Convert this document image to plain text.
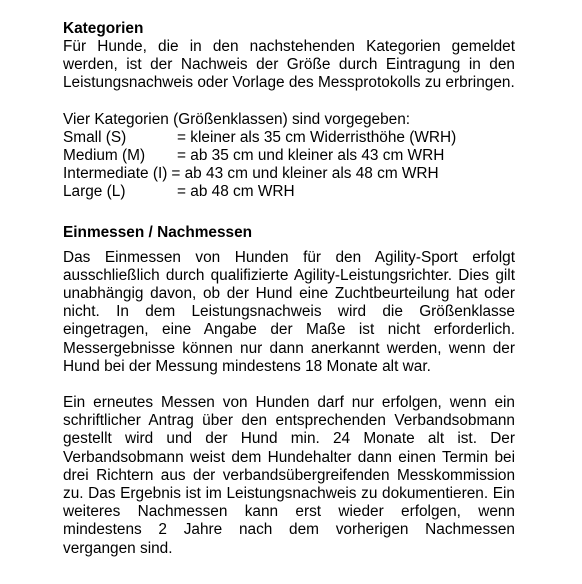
Kategorien

Für Hunde, die in den nachstehenden Kategorien gemeldet werden, ist der Nachweis der Größe durch Eintragung in den Leistungsnachweis oder Vorlage des Messprotokolls zu erbringen.

Vier Kategorien (Größenklassen) sind vorgegeben:

Small (S)	= kleiner als 35 cm Widerristhöhe (WRH)
Medium (M)	= ab 35 cm und kleiner als 43 cm WRH
Intermediate (I) = ab 43 cm und kleiner als 48 cm WRH
Large (L)	= ab 48 cm WRH
Einmessen / Nachmessen

Das Einmessen von Hunden für den Agility-Sport erfolgt ausschließlich durch qualifizierte Agility-Leistungsrichter. Dies gilt unabhängig davon, ob der Hund eine Zuchtbeurteilung hat oder nicht. In dem Leistungsnachweis wird die Größenklasse eingetragen, eine Angabe der Maße ist nicht erforderlich. Messergebnisse können nur dann anerkannt werden, wenn der Hund bei der Messung mindestens 18 Monate alt war.

Ein erneutes Messen von Hunden darf nur erfolgen, wenn ein schriftlicher Antrag über den entsprechenden Verbandsobmann gestellt wird und der Hund min. 24 Monate alt ist. Der Verbandsobmann weist dem Hundehalter dann einen Termin bei drei Richtern aus der verbandsübergreifenden Messkommission zu. Das Ergebnis ist im Leistungsnachweis zu dokumentieren. Ein weiteres Nachmessen kann erst wieder erfolgen, wenn mindestens 2 Jahre nach dem vorherigen Nachmessen vergangen sind.
